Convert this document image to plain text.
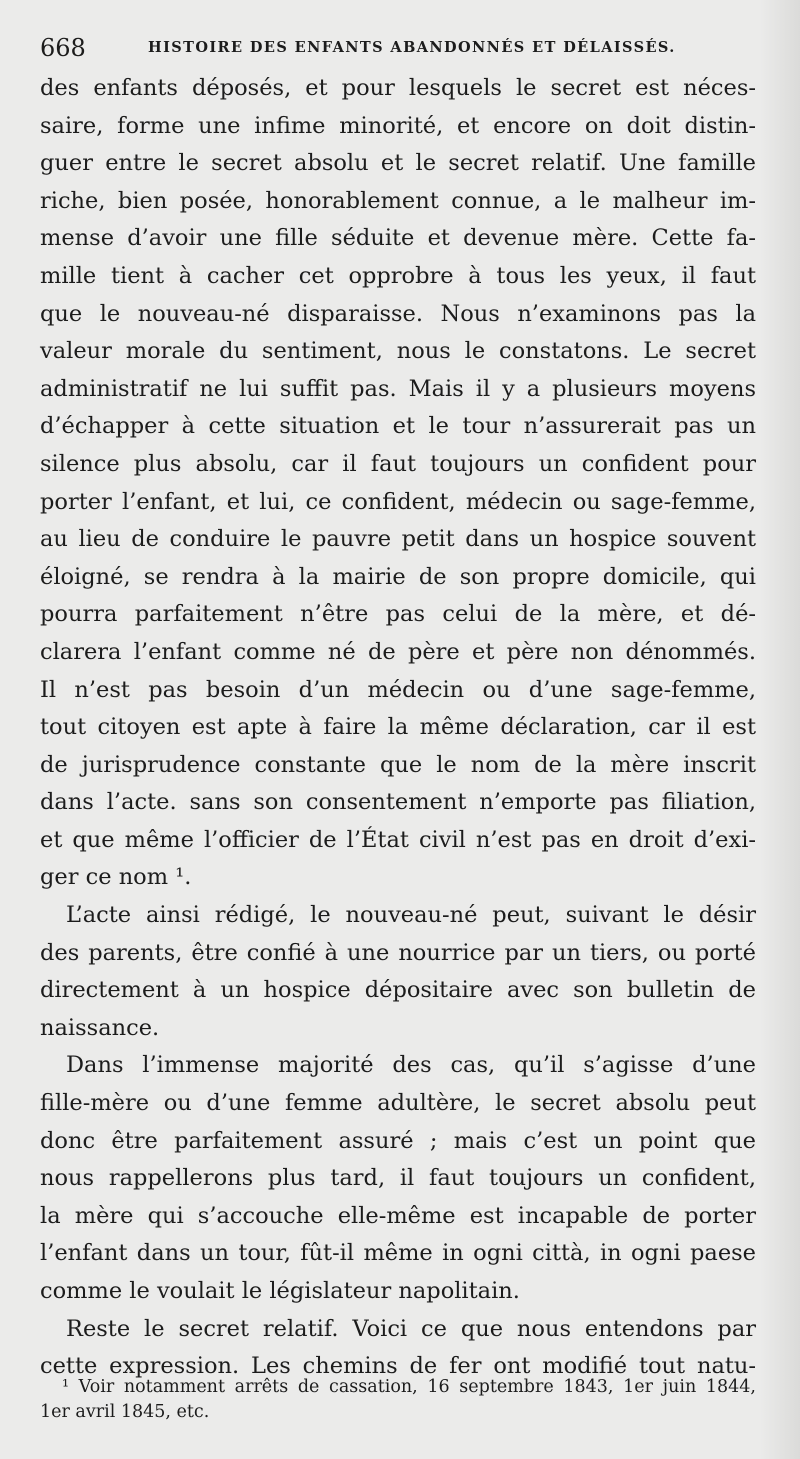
668	HISTOIRE DES ENFANTS ABANDONNÉS ET DÉLAISSÉS.
des enfants déposés, et pour lesquels le secret est néces-
saire, forme une infime minorité, et encore on doit distin-
guer entre le secret absolu et le secret relatif. Une famille
riche, bien posée, honorablement connue, a le malheur im-
mense d’avoir une fille séduite et devenue mère. Cette fa-
mille tient à cacher cet opprobre à tous les yeux, il faut
que le nouveau-né disparaisse. Nous n’examinons pas la
valeur morale du sentiment, nous le constatons. Le secret
administratif ne lui suffit pas. Mais il y a plusieurs moyens
d’échapper à cette situation et le tour n’assurerait pas un
silence plus absolu, car il faut toujours un confident pour
porter l’enfant, et lui, ce confident, médecin ou sage-femme,
au lieu de conduire le pauvre petit dans un hospice souvent
éloigné, se rendra à la mairie de son propre domicile, qui
pourra parfaitement n’être pas celui de la mère, et dé-
clarera l’enfant comme né de père et père non dénommés.
Il n’est pas besoin d’un médecin ou d’une sage-femme,
tout citoyen est apte à faire la même déclaration, car il est
de jurisprudence constante que le nom de la mère inscrit
dans l’acte. sans son consentement n’emporte pas filiation,
et que même l’officier de l’État civil n’est pas en droit d’exi-
ger ce nom ¹.
L’acte ainsi rédigé, le nouveau-né peut, suivant le désir
des parents, être confié à une nourrice par un tiers, ou porté
directement à un hospice dépositaire avec son bulletin de
naissance.
Dans l’immense majorité des cas, qu’il s’agisse d’une
fille-mère ou d’une femme adultère, le secret absolu peut
donc être parfaitement assuré ; mais c’est un point que
nous rappellerons plus tard, il faut toujours un confident,
la mère qui s’accouche elle-même est incapable de porter
l’enfant dans un tour, fût-il même in ogni città, in ogni paese
comme le voulait le législateur napolitain.
Reste le secret relatif. Voici ce que nous entendons par
cette expression. Les chemins de fer ont modifié tout natu-
¹ Voir notamment arrêts de cassation, 16 septembre 1843, 1er juin 1844,
1er avril 1845, etc.
